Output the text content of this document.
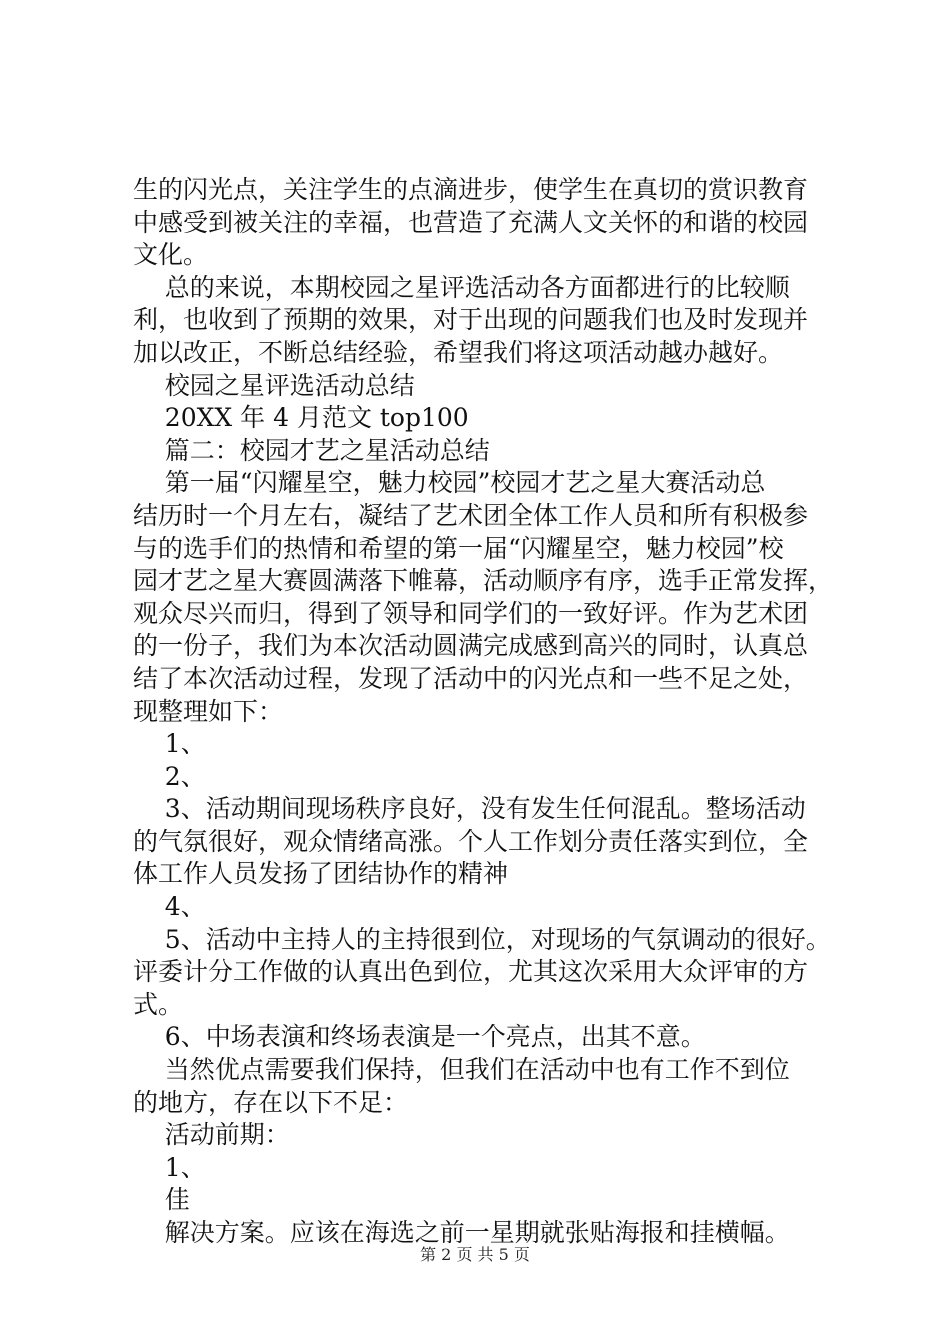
生的闪光点，关注学生的点滴进步，使学生在真切的赏识教育
中感受到被关注的幸福，也营造了充满人文关怀的和谐的校园
文化。
总的来说，本期校园之星评选活动各方面都进行的比较顺
利，也收到了预期的效果，对于出现的问题我们也及时发现并
加以改正，不断总结经验，希望我们将这项活动越办越好。
校园之星评选活动总结
20XX 年 4 月范文 top100
篇二：校园才艺之星活动总结
第一届“闪耀星空，魅力校园”校园才艺之星大赛活动总
结历时一个月左右，凝结了艺术团全体工作人员和所有积极参
与的选手们的热情和希望的第一届“闪耀星空，魅力校园”校
园才艺之星大赛圆满落下帷幕，活动顺序有序，选手正常发挥，
观众尽兴而归，得到了领导和同学们的一致好评。作为艺术团
的一份子，我们为本次活动圆满完成感到高兴的同时，认真总
结了本次活动过程，发现了活动中的闪光点和一些不足之处，
现整理如下：
1、
2、
3、活动期间现场秩序良好，没有发生任何混乱。整场活动
的气氛很好，观众情绪高涨。个人工作划分责任落实到位，全
体工作人员发扬了团结协作的精神
4、
5、活动中主持人的主持很到位，对现场的气氛调动的很好。
评委计分工作做的认真出色到位，尤其这次采用大众评审的方
式。
6、中场表演和终场表演是一个亮点，出其不意。
当然优点需要我们保持，但我们在活动中也有工作不到位
的地方，存在以下不足：
活动前期：
1、
佳
解决方案。应该在海选之前一星期就张贴海报和挂横幅。
第 2 页 共 5 页
